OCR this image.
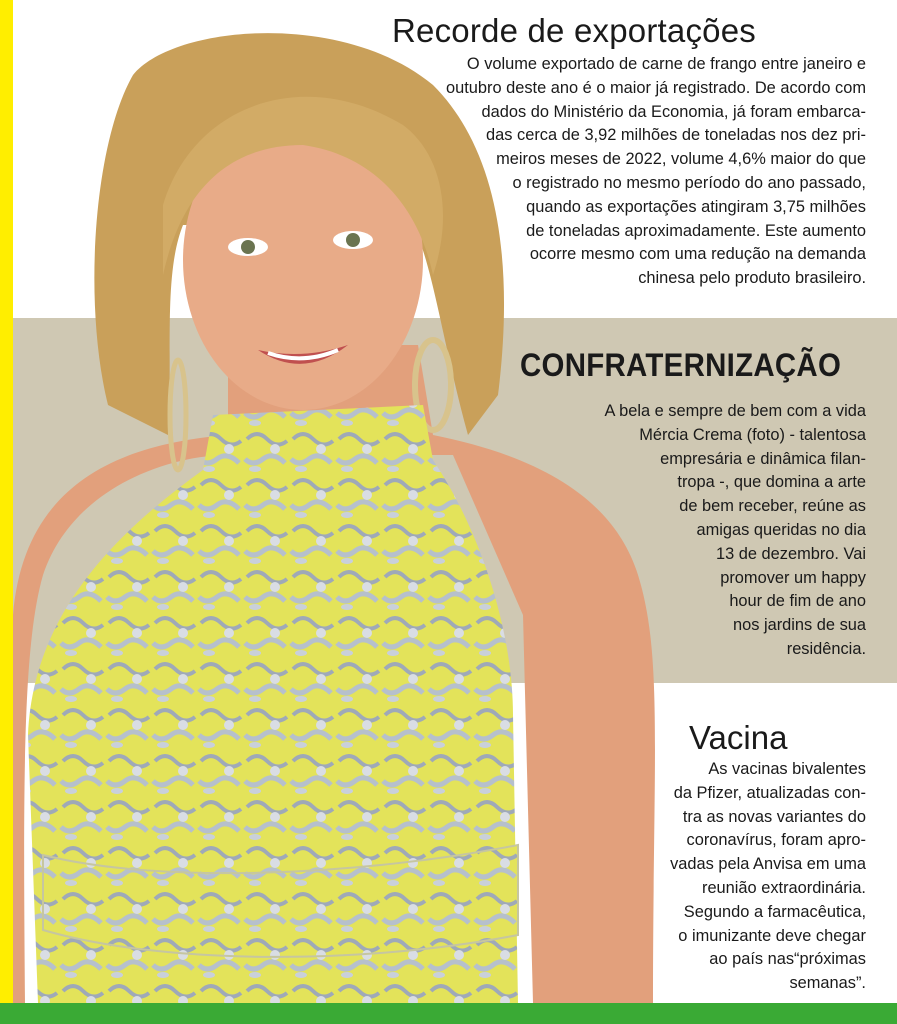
Recorde de exportações
O volume exportado de carne de frango entre janeiro e
outubro deste ano é o maior já registrado. De acordo com
dados do Ministério da Economia, já foram embarca-
das cerca de 3,92 milhões de toneladas nos dez pri-
meiros meses de 2022, volume 4,6% maior do que
o registrado no mesmo período do ano passado,
quando as exportações atingiram 3,75 milhões
de toneladas aproximadamente. Este aumento
ocorre mesmo com uma redução na demanda
chinesa pelo produto brasileiro.
CONFRATERNIZAÇÃO
A bela e sempre de bem com a vida
Mércia Crema (foto) - talentosa
empresária e dinâmica filan-
tropa -, que domina a arte
de bem receber, reúne as
amigas queridas no dia
13 de dezembro. Vai
promover um happy
hour de fim de ano
nos jardins de sua
residência.
Vacina
As vacinas bivalentes
da Pfizer, atualizadas con-
tra as novas variantes do
coronavírus, foram apro-
vadas pela Anvisa em uma
reunião extraordinária.
Segundo a farmacêutica,
o imunizante deve chegar
ao país nas“próximas
semanas”.
